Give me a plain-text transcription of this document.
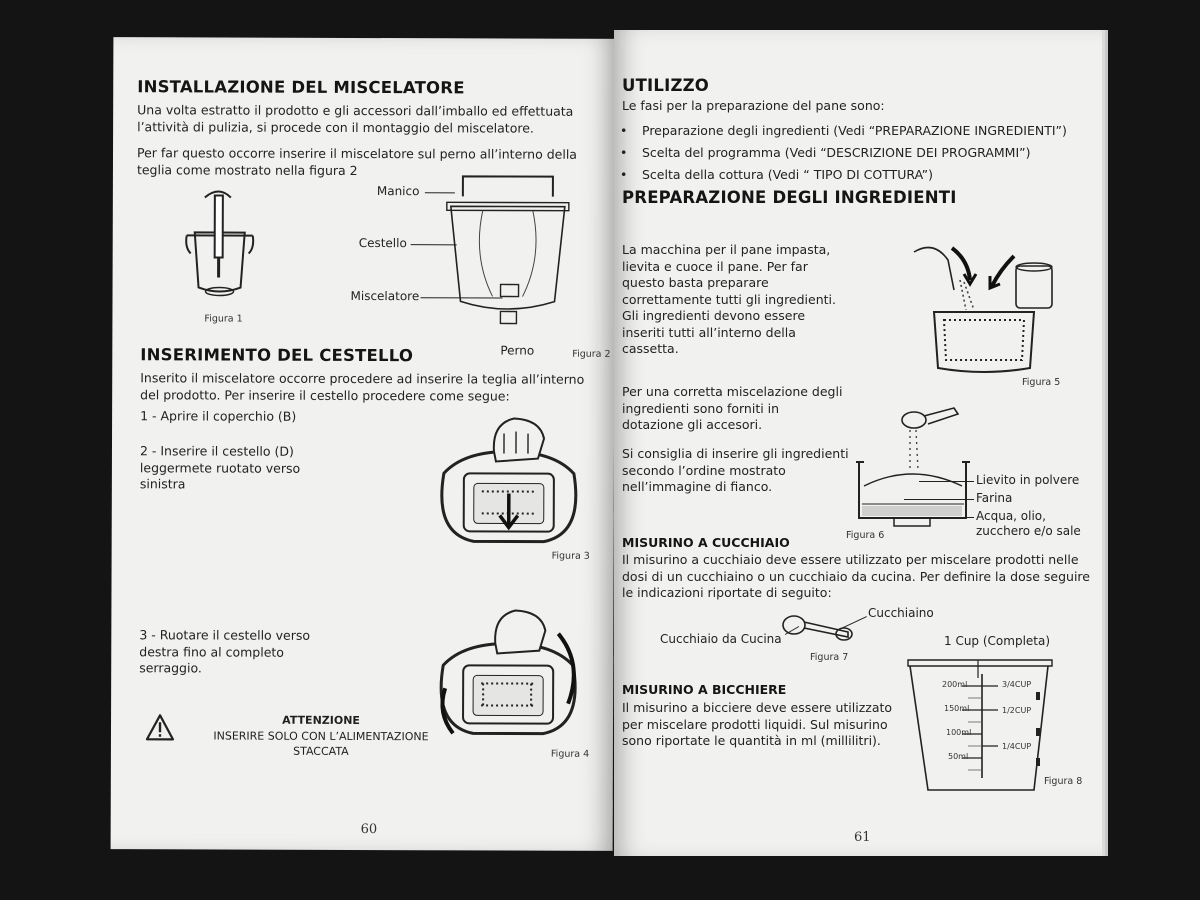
INSTALLAZIONE DEL MISCELATORE
Una volta estratto il prodotto e gli accessori dall’imballo ed effettuata l’attività di pulizia, si procede con il montaggio del miscelatore.
Per far questo occorre inserire il miscelatore sul perno all’interno della teglia come mostrato nella figura 2
Figura 1
Manico
Cestello
Miscelatore
Perno	Figura 2
INSERIMENTO DEL CESTELLO
Inserito il miscelatore occorre procedere ad inserire la teglia all’interno del prodotto. Per inserire il cestello procedere come segue:
1 - Aprire il coperchio (B)
2 - Inserire il cestello (D) leggermete ruotato verso sinistra
Figura 3
3 - Ruotare il cestello verso destra fino al completo serraggio.
Figura 4
ATTENZIONE
INSERIRE SOLO CON L’ALIMENTAZIONE STACCATA
60
UTILIZZO
Le fasi per la preparazione del pane sono:
• Preparazione degli ingredienti (Vedi “PREPARAZIONE INGREDIENTI”)
• Scelta del programma (Vedi “DESCRIZIONE DEI PROGRAMMI”)
• Scelta della cottura (Vedi “ TIPO DI COTTURA”)
PREPARAZIONE DEGLI INGREDIENTI
La macchina per il pane impasta, lievita e cuoce il pane. Per far questo basta preparare correttamente tutti gli ingredienti. Gli ingredienti devono essere inseriti tutti all’interno della cassetta.
Per una corretta miscelazione degli ingredienti sono forniti in dotazione gli accesori.
Si consiglia di inserire gli ingredienti secondo l’ordine mostrato nell’immagine di fianco.
Figura 5
Lievito in polvere
Farina
Acqua, olio, zucchero e/o sale
Figura 6
MISURINO A CUCCHIAIO
Il misurino a cucchiaio deve essere utilizzato per miscelare prodotti nelle dosi di un cucchiaino o un cucchiaio da cucina. Per definire la dose seguire le indicazioni riportate di seguito:
Cucchiaino
Cucchiaio da Cucina
Figura 7
MISURINO A BICCHIERE
Il misurino a bicciere deve essere utilizzato per miscelare prodotti liquidi. Sul misurino sono riportate le quantità in ml (millilitri).
1 Cup (Completa)
200ml
150ml
100ml
50ml
3/4CUP
1/2CUP
1/4CUP
Figura 8
61
